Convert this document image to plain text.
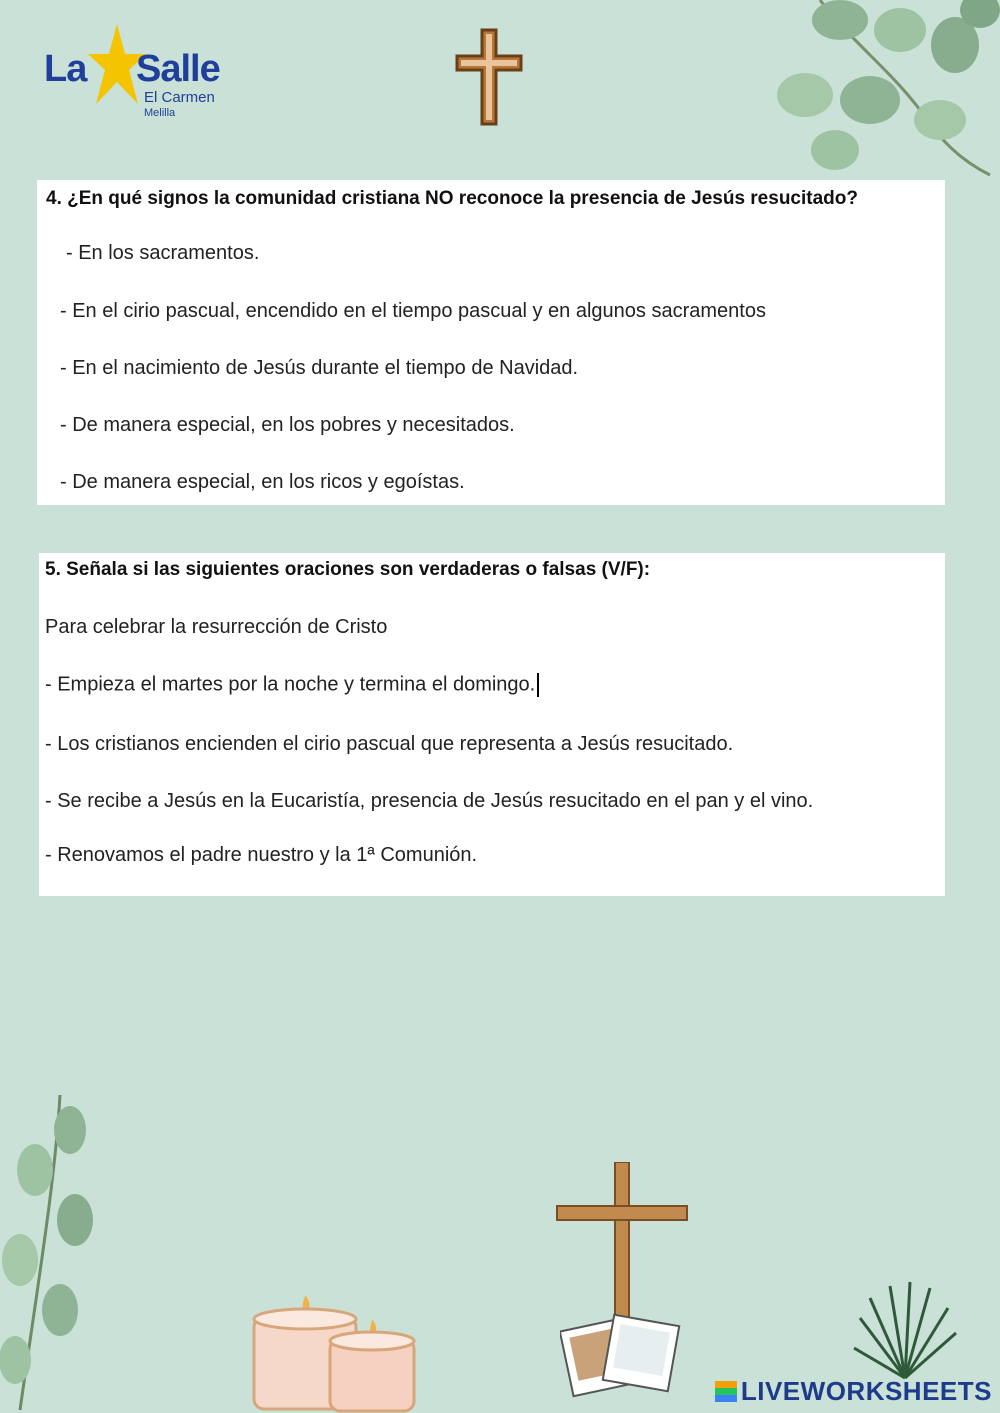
La Salle
El Carmen
Melilla
4. ¿En qué signos la comunidad cristiana NO reconoce la presencia de Jesús resucitado?
- En los sacramentos.
- En el cirio pascual, encendido en el tiempo pascual y en algunos sacramentos
- En el nacimiento de Jesús durante el tiempo de Navidad.
- De manera especial, en los pobres y necesitados.
- De manera especial, en los ricos y egoístas.
5. Señala si las siguientes oraciones son verdaderas o falsas (V/F):
Para celebrar la resurrección de Cristo
- Empieza el martes por la noche y termina el domingo.
- Los cristianos encienden el cirio pascual que representa a Jesús resucitado.
- Se recibe a Jesús en la Eucaristía, presencia de Jesús resucitado en el pan y el vino.
- Renovamos el padre nuestro y la 1ª Comunión.
LIVEWORKSHEETS
